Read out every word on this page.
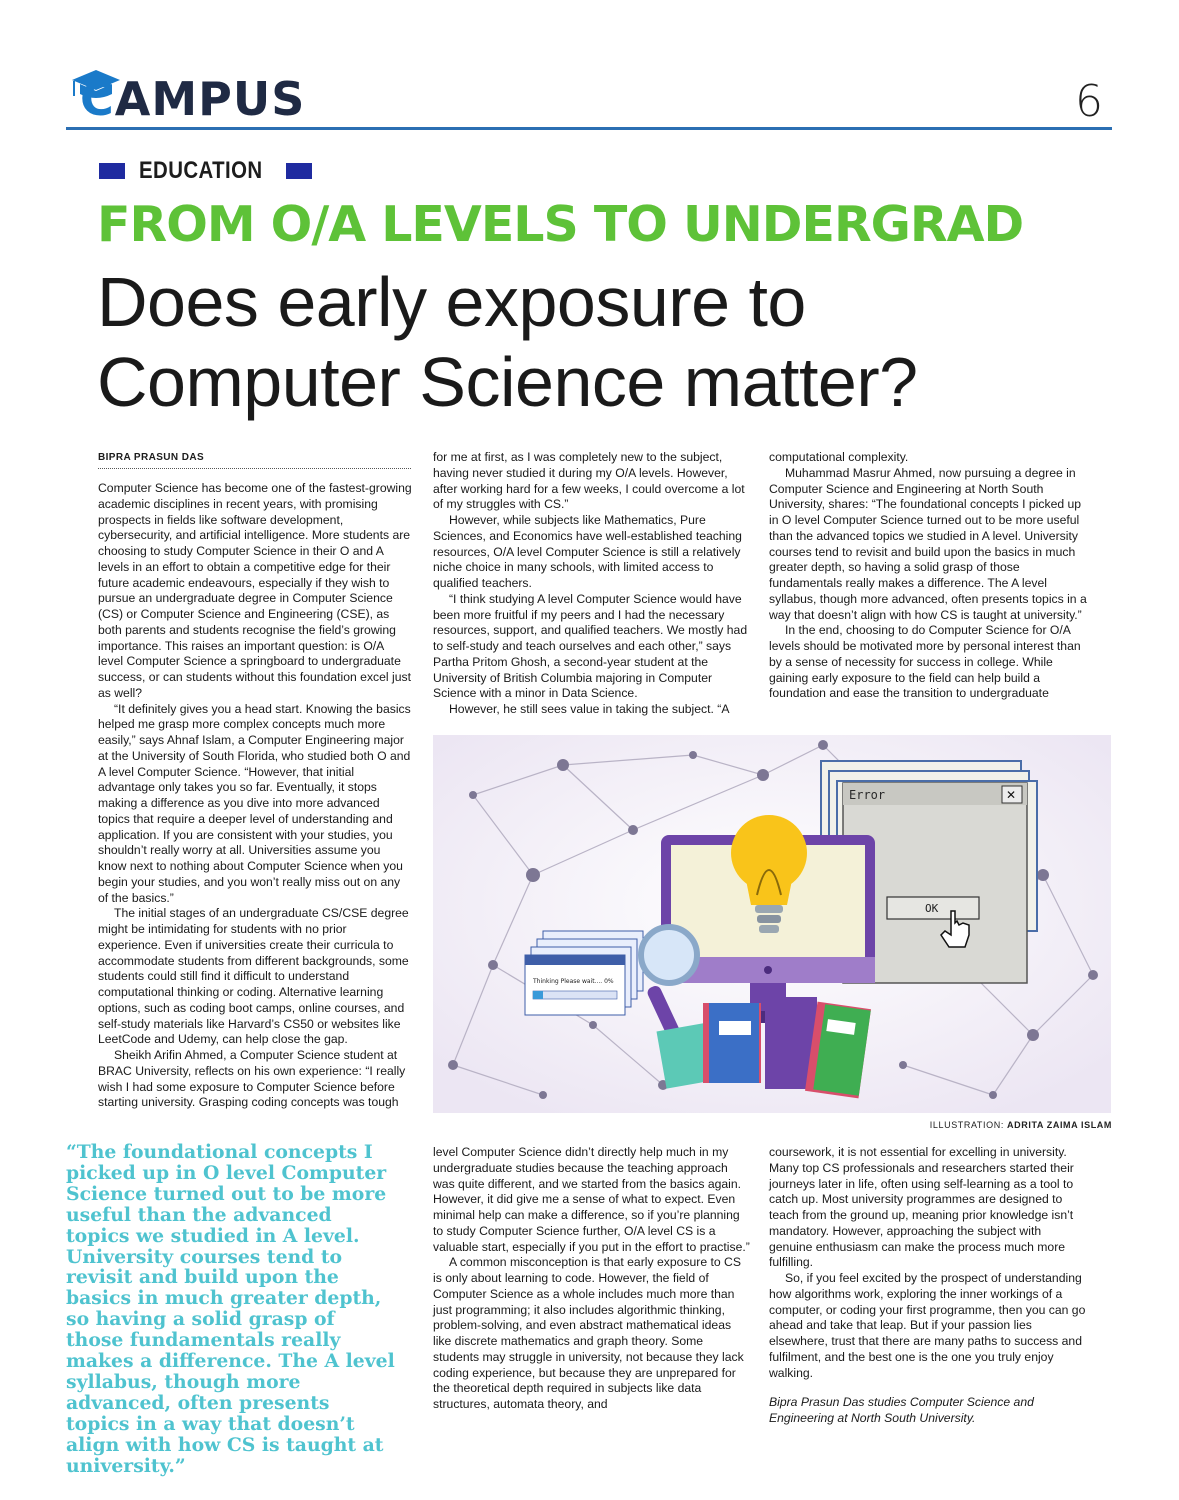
CAMPUS	6
EDUCATION
FROM O/A LEVELS TO UNDERGRAD
Does early exposure to
Computer Science matter?
BIPRA PRASUN DAS

Computer Science has become one of the fastest-growing academic disciplines in recent years, with promising prospects in fields like software development, cybersecurity, and artificial intelligence. More students are choosing to study Computer Science in their O and A levels in an effort to obtain a competitive edge for their future academic endeavours, especially if they wish to pursue an undergraduate degree in Computer Science (CS) or Computer Science and Engineering (CSE), as both parents and students recognise the field’s growing importance. This raises an important question: is O/A level Computer Science a springboard to undergraduate success, or can students without this foundation excel just as well?

“It definitely gives you a head start. Knowing the basics helped me grasp more complex concepts much more easily,” says Ahnaf Islam, a Computer Engineering major at the University of South Florida, who studied both O and A level Computer Science. “However, that initial advantage only takes you so far. Eventually, it stops making a difference as you dive into more advanced topics that require a deeper level of understanding and application. If you are consistent with your studies, you shouldn’t really worry at all. Universities assume you know next to nothing about Computer Science when you begin your studies, and you won’t really miss out on any of the basics.”

The initial stages of an undergraduate CS/CSE degree might be intimidating for students with no prior experience. Even if universities create their curricula to accommodate students from different backgrounds, some students could still find it difficult to understand computational thinking or coding. Alternative learning options, such as coding boot camps, online courses, and self-study materials like Harvard’s CS50 or websites like LeetCode and Udemy, can help close the gap.

Sheikh Arifin Ahmed, a Computer Science student at BRAC University, reflects on his own experience: “I really wish I had some exposure to Computer Science before starting university. Grasping coding concepts was tough

for me at first, as I was completely new to the subject, having never studied it during my O/A levels. However, after working hard for a few weeks, I could overcome a lot of my struggles with CS.”

However, while subjects like Mathematics, Pure Sciences, and Economics have well-established teaching resources, O/A level Computer Science is still a relatively niche choice in many schools, with limited access to qualified teachers.

“I think studying A level Computer Science would have been more fruitful if my peers and I had the necessary resources, support, and qualified teachers. We mostly had to self-study and teach ourselves and each other,” says Partha Pritom Ghosh, a second-year student at the University of British Columbia majoring in Computer Science with a minor in Data Science.

However, he still sees value in taking the subject. “A

computational complexity.

Muhammad Masrur Ahmed, now pursuing a degree in Computer Science and Engineering at North South University, shares: “The foundational concepts I picked up in O level Computer Science turned out to be more useful than the advanced topics we studied in A level. University courses tend to revisit and build upon the basics in much greater depth, so having a solid grasp of those fundamentals really makes a difference. The A level syllabus, though more advanced, often presents topics in a way that doesn’t align with how CS is taught at university.”

In the end, choosing to do Computer Science for O/A levels should be motivated more by personal interest than by a sense of necessity for success in college. While gaining early exposure to the field can help build a foundation and ease the transition to undergraduate

Error	✕
OK
Thinking Please wait.... 0%
ILLUSTRATION: ADRITA ZAIMA ISLAM
“The foundational concepts I picked up in O level Computer Science turned out to be more useful than the advanced topics we studied in A level. University courses tend to revisit and build upon the basics in much greater depth, so having a solid grasp of those fundamentals really makes a difference. The A level syllabus, though more advanced, often presents topics in a way that doesn’t align with how CS is taught at university.”

level Computer Science didn’t directly help much in my undergraduate studies because the teaching approach was quite different, and we started from the basics again. However, it did give me a sense of what to expect. Even minimal help can make a difference, so if you’re planning to study Computer Science further, O/A level CS is a valuable start, especially if you put in the effort to practise.”

A common misconception is that early exposure to CS is only about learning to code. However, the field of Computer Science as a whole includes much more than just programming; it also includes algorithmic thinking, problem-solving, and even abstract mathematical ideas like discrete mathematics and graph theory. Some students may struggle in university, not because they lack coding experience, but because they are unprepared for the theoretical depth required in subjects like data structures, automata theory, and

coursework, it is not essential for excelling in university. Many top CS professionals and researchers started their journeys later in life, often using self-learning as a tool to catch up. Most university programmes are designed to teach from the ground up, meaning prior knowledge isn’t mandatory. However, approaching the subject with genuine enthusiasm can make the process much more fulfilling.

So, if you feel excited by the prospect of understanding how algorithms work, exploring the inner workings of a computer, or coding your first programme, then you can go ahead and take that leap. But if your passion lies elsewhere, trust that there are many paths to success and fulfilment, and the best one is the one you truly enjoy walking.

Bipra Prasun Das studies Computer Science and Engineering at North South University.
